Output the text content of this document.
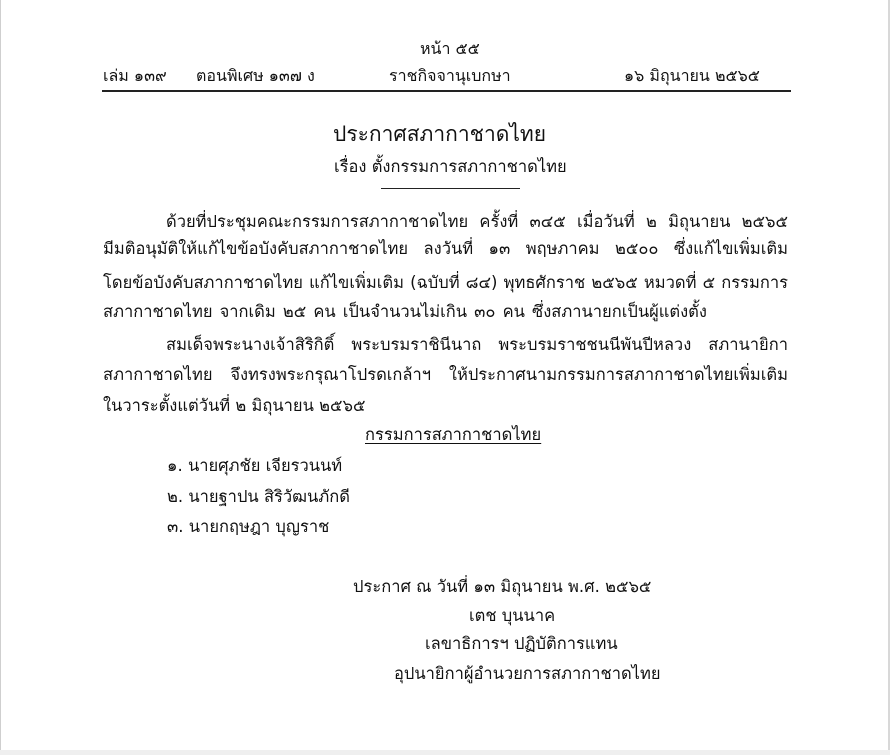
หน้า ๕๕
เล่ม ๑๓๙ ตอนพิเศษ ๑๓๗ ง	ราชกิจจานุเบกษา	๑๖ มิถุนายน ๒๕๖๕
ประกาศสภากาชาดไทย
เรื่อง ตั้งกรรมการสภากาชาดไทย
ด้วยที่ประชุมคณะกรรมการสภากาชาดไทย ครั้งที่ ๓๔๕ เมื่อวันที่ ๒ มิถุนายน ๒๕๖๕
มีมติอนุมัติให้แก้ไขข้อบังคับสภากาชาดไทย ลงวันที่ ๑๓ พฤษภาคม ๒๕๐๐ ซึ่งแก้ไขเพิ่มเติม
โดยข้อบังคับสภากาชาดไทย แก้ไขเพิ่มเติม (ฉบับที่ ๘๔) พุทธศักราช ๒๕๖๕ หมวดที่ ๕ กรรมการ
สภากาชาดไทย จากเดิม ๒๕ คน เป็นจำนวนไม่เกิน ๓๐ คน ซึ่งสภานายกเป็นผู้แต่งตั้ง
สมเด็จพระนางเจ้าสิริกิติ์ พระบรมราชินีนาถ พระบรมราชชนนีพันปีหลวง สภานายิกา
สภากาชาดไทย จึงทรงพระกรุณาโปรดเกล้าฯ ให้ประกาศนามกรรมการสภากาชาดไทยเพิ่มเติม
ในวาระตั้งแต่วันที่ ๒ มิถุนายน ๒๕๖๕
กรรมการสภากาชาดไทย
๑. นายศุภชัย เจียรวนนท์
๒. นายฐาปน สิริวัฒนภักดี
๓. นายกฤษฎา บุญราช
ประกาศ ณ วันที่ ๑๓ มิถุนายน พ.ศ. ๒๕๖๕
เตช บุนนาค
เลขาธิการฯ ปฏิบัติการแทน
อุปนายิกาผู้อำนวยการสภากาชาดไทย
